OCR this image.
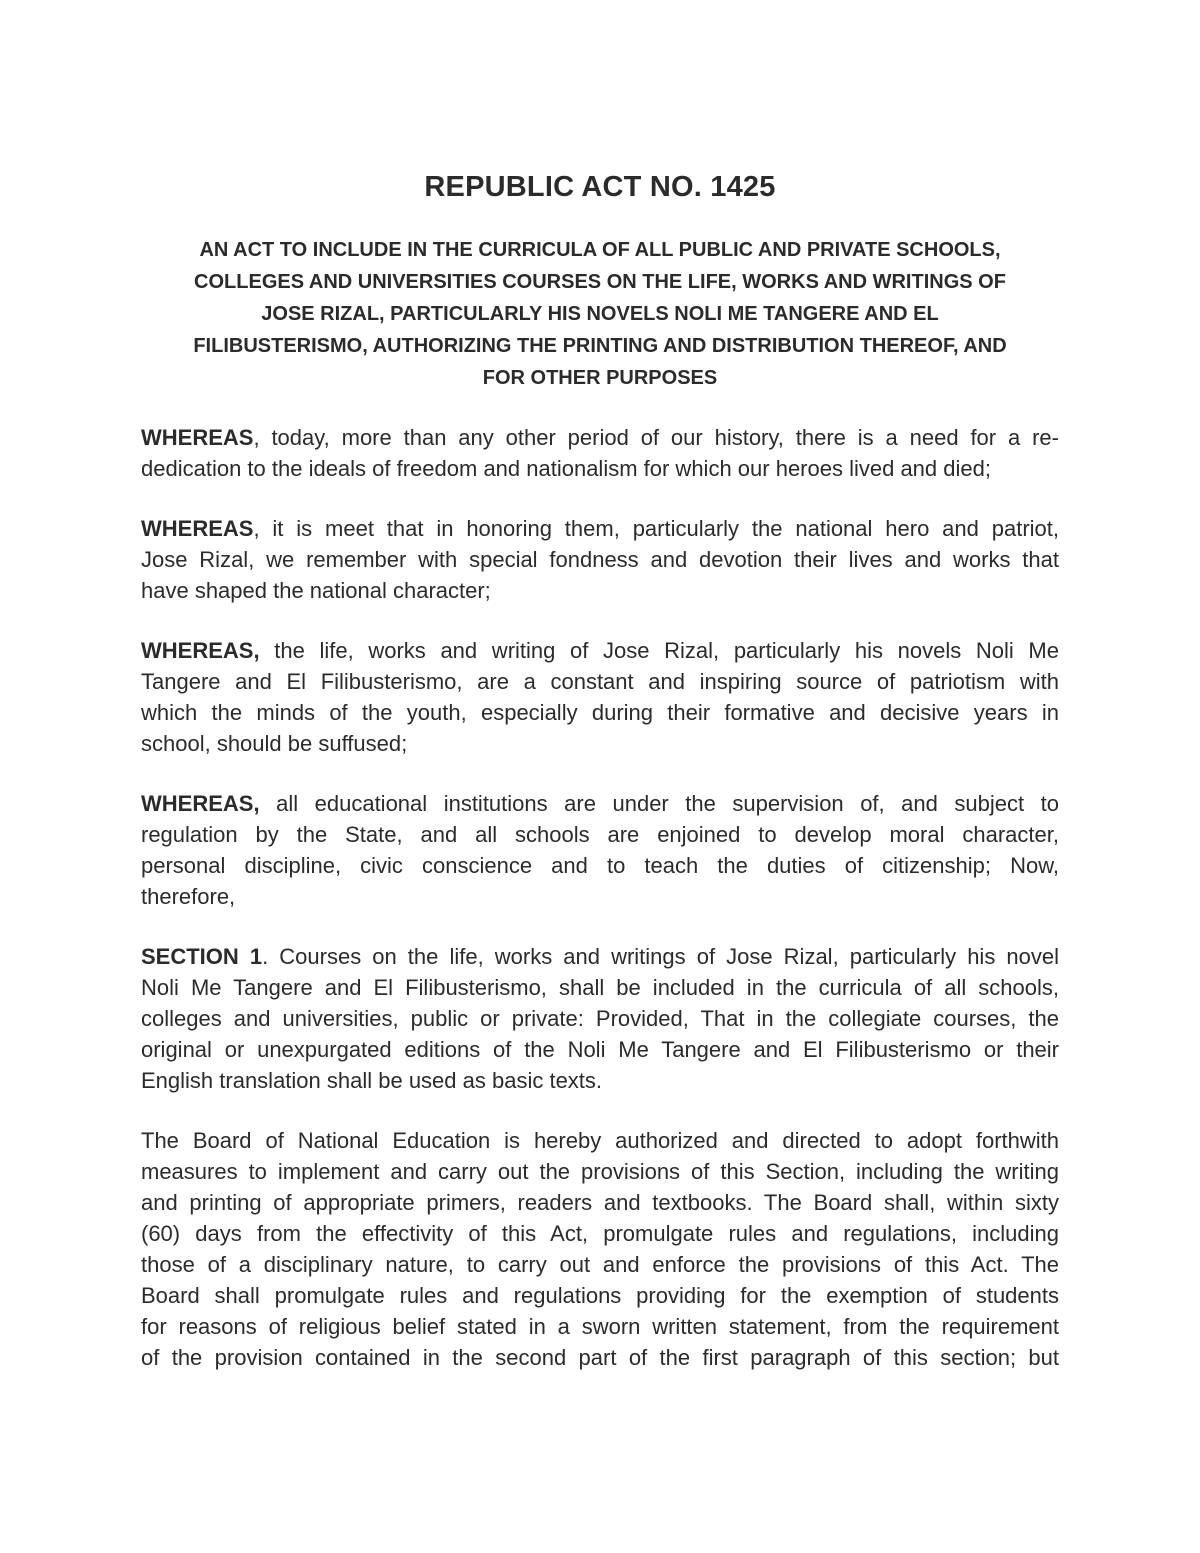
REPUBLIC ACT NO. 1425
AN ACT TO INCLUDE IN THE CURRICULA OF ALL PUBLIC AND PRIVATE SCHOOLS,
COLLEGES AND UNIVERSITIES COURSES ON THE LIFE, WORKS AND WRITINGS OF
JOSE RIZAL, PARTICULARLY HIS NOVELS NOLI ME TANGERE AND EL
FILIBUSTERISMO, AUTHORIZING THE PRINTING AND DISTRIBUTION THEREOF, AND
FOR OTHER PURPOSES
WHEREAS, today, more than any other period of our history, there is a need for a re-
dedication to the ideals of freedom and nationalism for which our heroes lived and died;
WHEREAS, it is meet that in honoring them, particularly the national hero and patriot,
Jose Rizal, we remember with special fondness and devotion their lives and works that
have shaped the national character;
WHEREAS, the life, works and writing of Jose Rizal, particularly his novels Noli Me
Tangere and El Filibusterismo, are a constant and inspiring source of patriotism with
which the minds of the youth, especially during their formative and decisive years in
school, should be suffused;
WHEREAS, all educational institutions are under the supervision of, and subject to
regulation by the State, and all schools are enjoined to develop moral character,
personal discipline, civic conscience and to teach the duties of citizenship; Now,
therefore,
SECTION 1. Courses on the life, works and writings of Jose Rizal, particularly his novel
Noli Me Tangere and El Filibusterismo, shall be included in the curricula of all schools,
colleges and universities, public or private: Provided, That in the collegiate courses, the
original or unexpurgated editions of the Noli Me Tangere and El Filibusterismo or their
English translation shall be used as basic texts.
The Board of National Education is hereby authorized and directed to adopt forthwith
measures to implement and carry out the provisions of this Section, including the writing
and printing of appropriate primers, readers and textbooks. The Board shall, within sixty
(60) days from the effectivity of this Act, promulgate rules and regulations, including
those of a disciplinary nature, to carry out and enforce the provisions of this Act. The
Board shall promulgate rules and regulations providing for the exemption of students
for reasons of religious belief stated in a sworn written statement, from the requirement
of the provision contained in the second part of the first paragraph of this section; but
